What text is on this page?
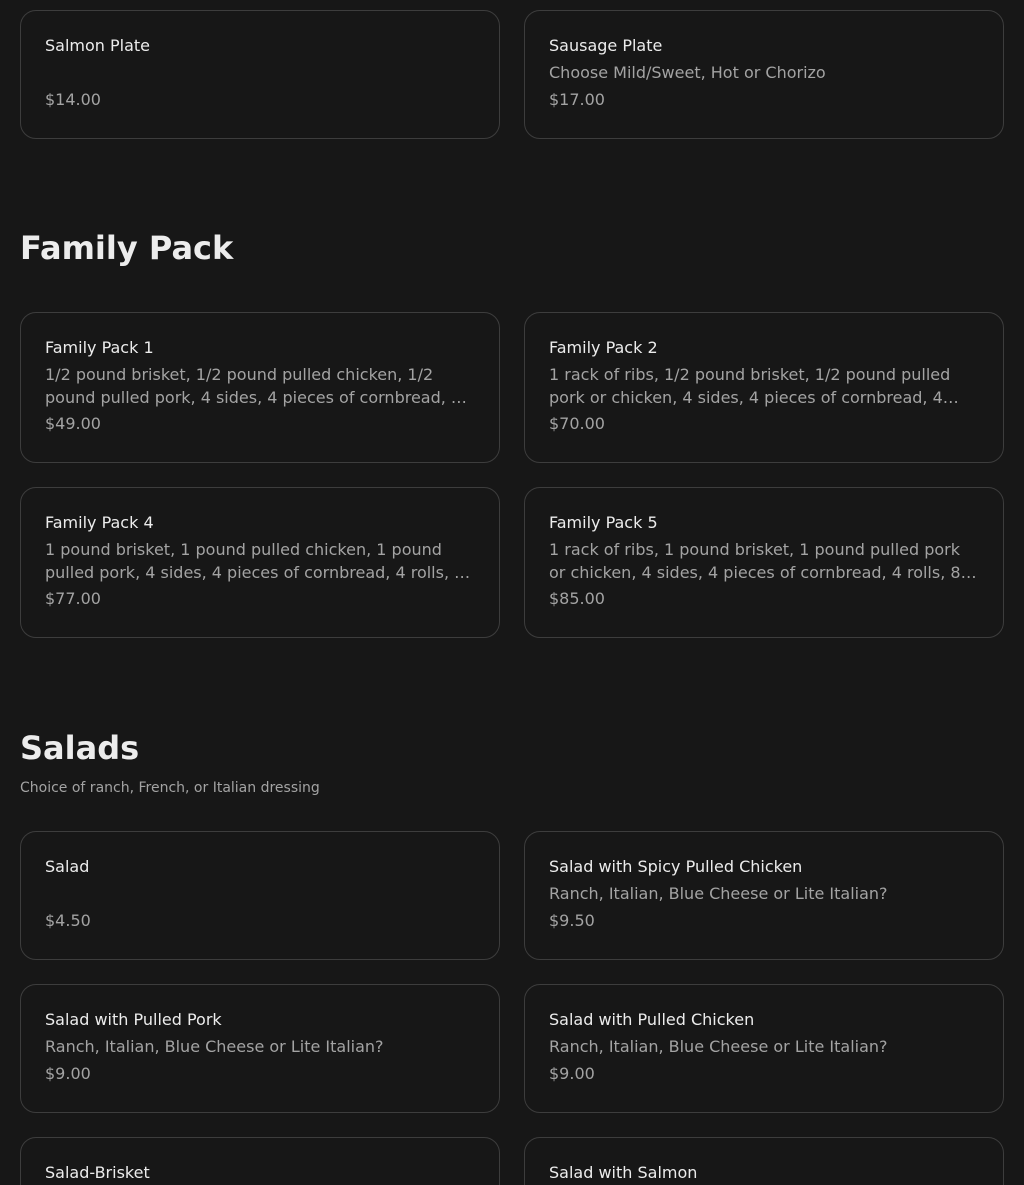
Salmon Plate
$14.00
Sausage Plate
Choose Mild/Sweet, Hot or Chorizo
$17.00
Family Pack
Family Pack 1
1/2 pound brisket, 1/2 pound pulled chicken, 1/2 pound pulled pork, 4 sides, 4 pieces of cornbread, …
$49.00
Family Pack 2
1 rack of ribs, 1/2 pound brisket, 1/2 pound pulled pork or chicken, 4 sides, 4 pieces of cornbread, 4…
$70.00
Family Pack 4
1 pound brisket, 1 pound pulled chicken, 1 pound pulled pork, 4 sides, 4 pieces of cornbread, 4 rolls, …
$77.00
Family Pack 5
1 rack of ribs, 1 pound brisket, 1 pound pulled pork or chicken, 4 sides, 4 pieces of cornbread, 4 rolls, 8…
$85.00
Salads
Choice of ranch, French, or Italian dressing
Salad
$4.50
Salad with Spicy Pulled Chicken
Ranch, Italian, Blue Cheese or Lite Italian?
$9.50
Salad with Pulled Pork
Ranch, Italian, Blue Cheese or Lite Italian?
$9.00
Salad with Pulled Chicken
Ranch, Italian, Blue Cheese or Lite Italian?
$9.00
Salad-Brisket	Salad with Salmon
